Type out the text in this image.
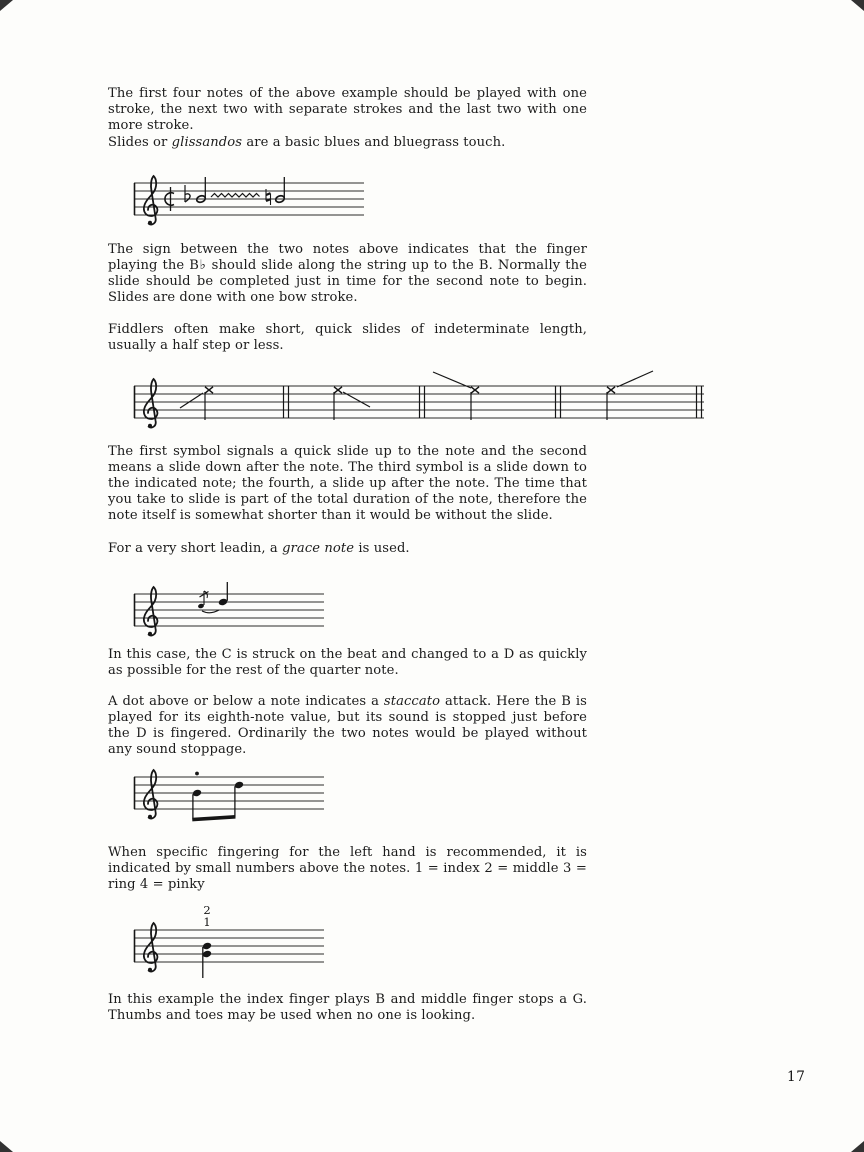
The first four notes of the above example should be played with one stroke, the next two with separate strokes and the last two with one more stroke.

Slides or glissandos are a basic blues and bluegrass touch.

The sign between the two notes above indicates that the finger playing the B♭ should slide along the string up to the B. Normally the slide should be completed just in time for the second note to begin. Slides are done with one bow stroke.

Fiddlers often make short, quick slides of indeterminate length, usually a half step or less.

The first symbol signals a quick slide up to the note and the second means a slide down after the note. The third symbol is a slide down to the indicated note; the fourth, a slide up after the note. The time that you take to slide is part of the total duration of the note, therefore the note itself is somewhat shorter than it would be without the slide.

For a very short leadin, a grace note is used.

In this case, the C is struck on the beat and changed to a D as quickly as possible for the rest of the quarter note.

A dot above or below a note indicates a staccato attack. Here the B is played for its eighth-note value, but its sound is stopped just before the D is fingered. Ordinarily the two notes would be played without any sound stoppage.

When specific fingering for the left hand is recommended, it is indicated by small numbers above the notes. 1 = index 2 = middle 3 = ring 4 = pinky

2
1

In this example the index finger plays B and middle finger stops a G. Thumbs and toes may be used when no one is looking.

17
